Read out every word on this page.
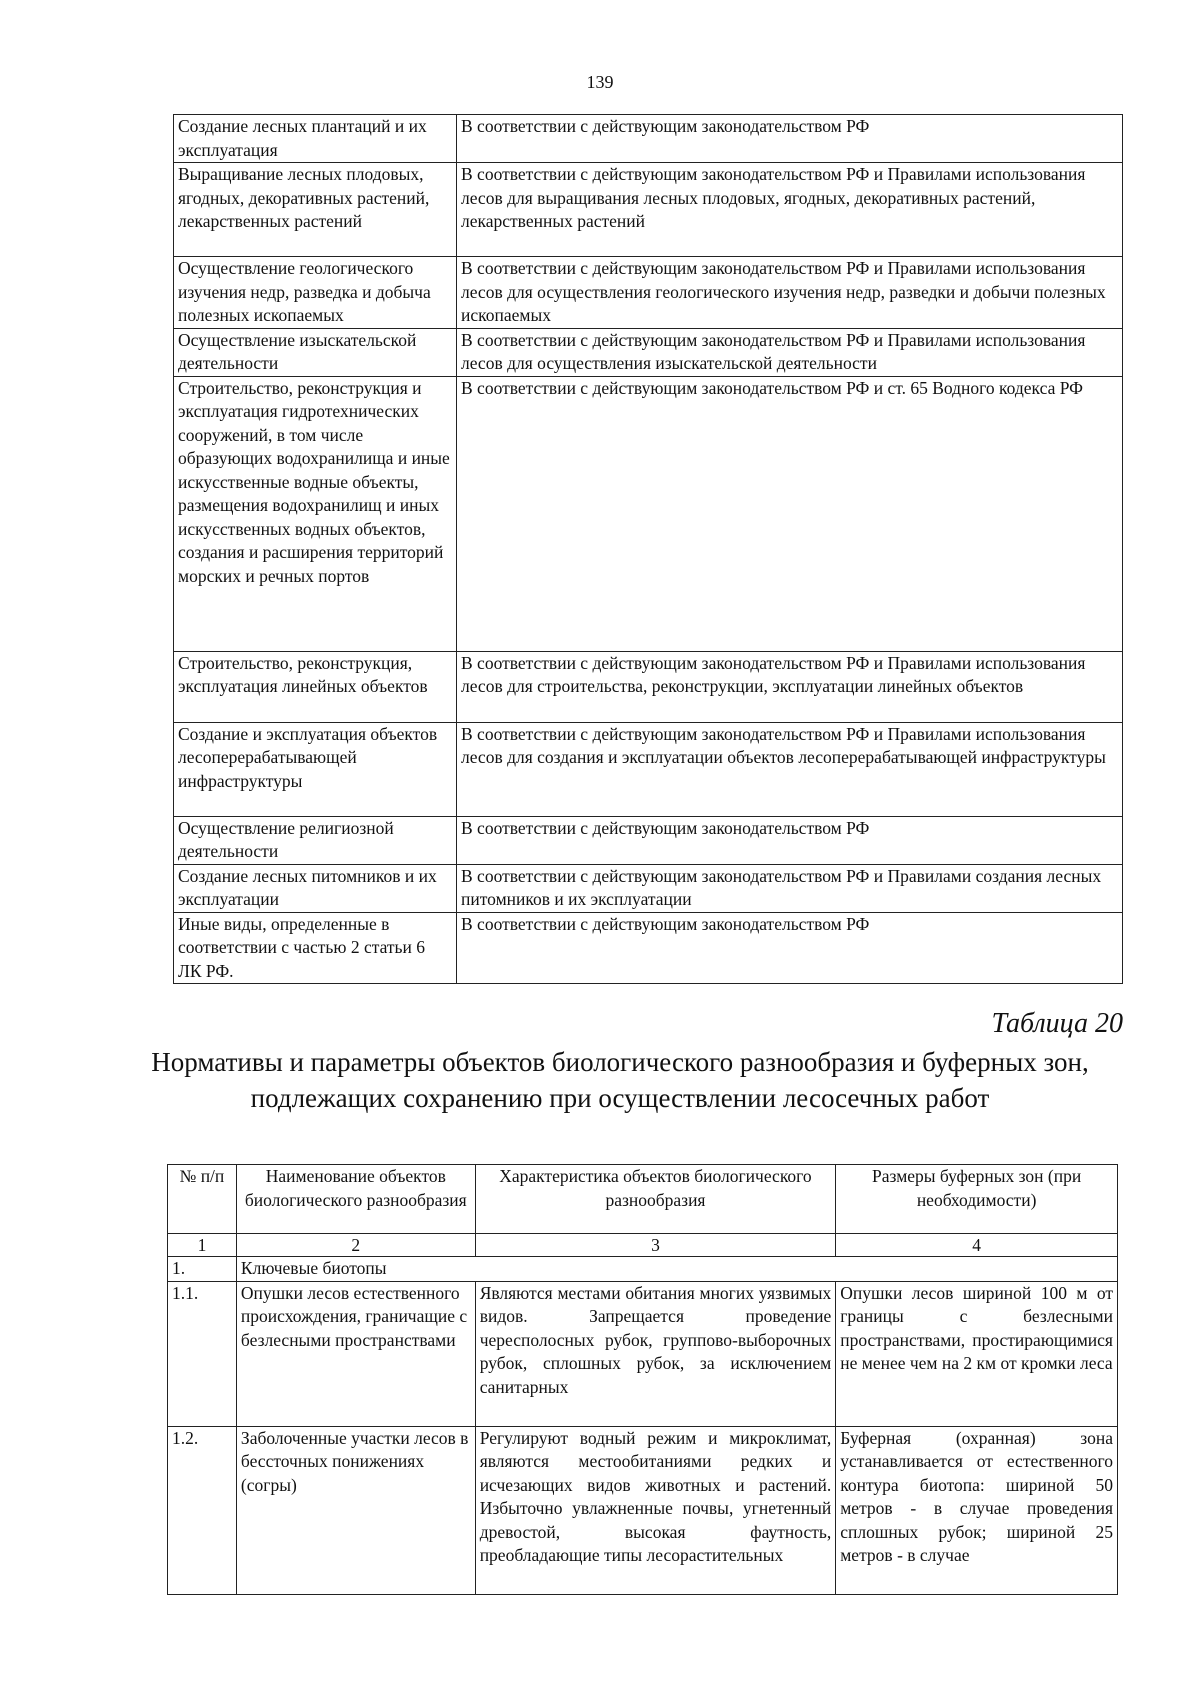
139
Создание лесных плантаций и их эксплуатация	В соответствии с действующим законодательством РФ
Выращивание лесных плодовых, ягодных, декоративных растений, лекарственных растений	В соответствии с действующим законодательством РФ и Правилами использования лесов для выращивания лесных плодовых, ягодных, декоративных растений, лекарственных растений
Осуществление геологического изучения недр, разведка и добыча полезных ископаемых	В соответствии с действующим законодательством РФ и Правилами использования лесов для осуществления геологического изучения недр, разведки и добычи полезных ископаемых
Осуществление изыскательской деятельности	В соответствии с действующим законодательством РФ и Правилами использования лесов для осуществления изыскательской деятельности
Строительство, реконструкция и эксплуатация гидротехнических сооружений, в том числе образующих водохранилища и иные искусственные водные объекты, размещения водохранилищ и иных искусственных водных объектов, создания и расширения территорий морских и речных портов	В соответствии с действующим законодательством РФ и ст. 65 Водного кодекса РФ
Строительство, реконструкция, эксплуатация линейных объектов	В соответствии с действующим законодательством РФ и Правилами использования лесов для строительства, реконструкции, эксплуатации линейных объектов
Создание и эксплуатация объектов лесоперерабатывающей инфраструктуры	В соответствии с действующим законодательством РФ и Правилами использования лесов для создания и эксплуатации объектов лесоперерабатывающей инфраструктуры
Осуществление религиозной деятельности	В соответствии с действующим законодательством РФ
Создание лесных питомников и их эксплуатации	В соответствии с действующим законодательством РФ и Правилами создания лесных питомников и их эксплуатации
Иные виды, определенные в соответствии с частью 2 статьи 6 ЛК РФ.	В соответствии с действующим законодательством РФ
Таблица 20
Нормативы и параметры объектов биологического разнообразия и буферных зон, подлежащих сохранению при осуществлении лесосечных работ
№ п/п	Наименование объектов биологического разнообразия	Характеристика объектов биологического разнообразия	Размеры буферных зон (при необходимости)
1	2	3	4
1.	Ключевые биотопы		
1.1.	Опушки лесов естественного происхождения, граничащие с безлесными пространствами	Являются местами обитания многих уязвимых видов. Запрещается проведение чересполосных рубок, группово-выборочных рубок, сплошных рубок, за исключением санитарных	Опушки лесов шириной 100 м от границы с безлесными пространствами, простирающимися не менее чем на 2 км от кромки леса
1.2.	Заболоченные участки лесов в бессточных понижениях (согры)	Регулируют водный режим и микроклимат, являются местообитаниями редких и исчезающих видов животных и растений. Избыточно увлажненные почвы, угнетенный древостой, высокая фаутность, преобладающие типы лесорастительных	Буферная (охранная) зона устанавливается от естественного контура биотопа: шириной 50 метров - в случае проведения сплошных рубок; шириной 25 метров - в случае
